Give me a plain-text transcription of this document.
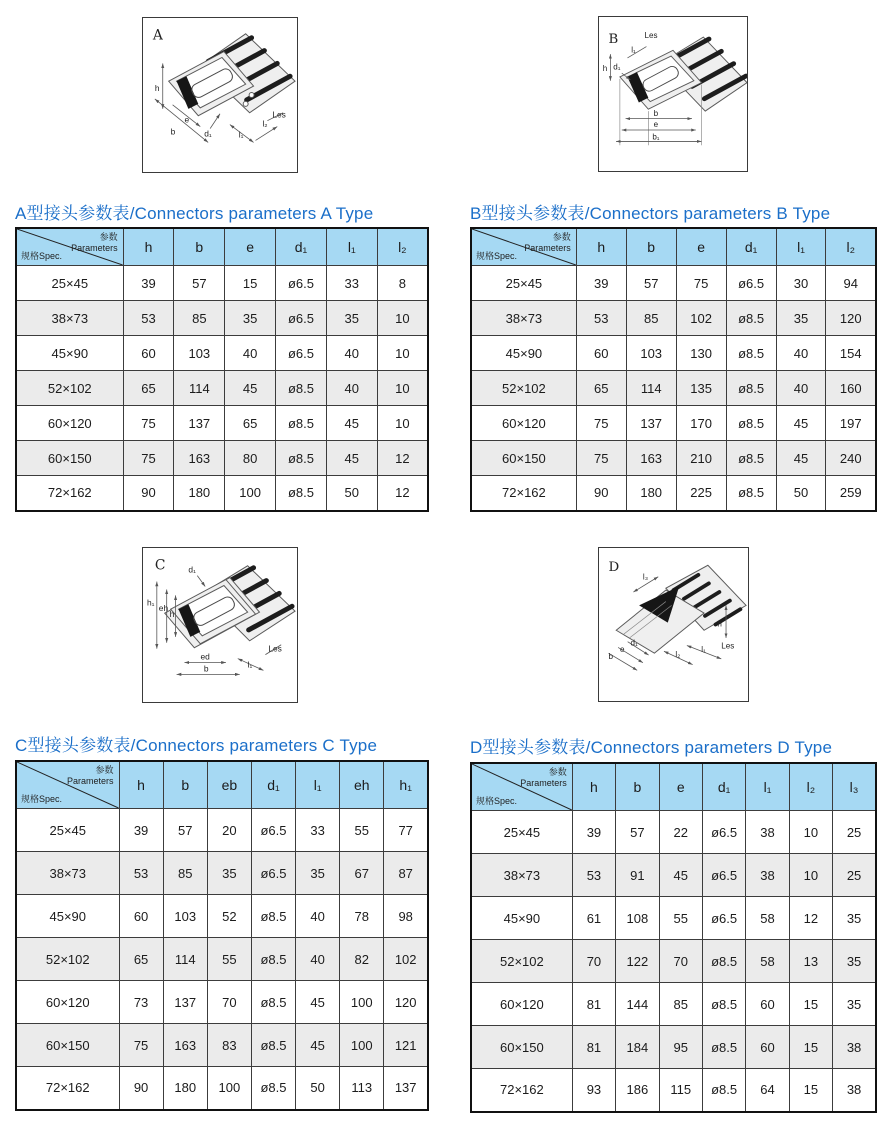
A
h
b
e
d₁	l₁
l₂
Les
B	Les
l₁
h d₁
b
e
b₁
C	d₁
h₁
eh
h
ed
b	l₁
Les
D
l₃
b
e
d₁
l₂
l₁
h
Les
A型接头参数表/Connectors parameters A Type	B型接头参数表/Connectors parameters B Type
C型接头参数表/Connectors parameters C Type	D型接头参数表/Connectors parameters D Type
参数
Parameters
规格Spec.	h	b	e	d₁	l₁	l₂
25×45	39	57	15	ø6.5	33	8
38×73	53	85	35	ø6.5	35	10
45×90	60	103	40	ø6.5	40	10
52×102	65	114	45	ø8.5	40	10
60×120	75	137	65	ø8.5	45	10
60×150	75	163	80	ø8.5	45	12
72×162	90	180	100	ø8.5	50	12
参数
Parameters
规格Spec.	h	b	e	d₁	l₁	l₂
25×45	39	57	75	ø6.5	30	94
38×73	53	85	102	ø8.5	35	120
45×90	60	103	130	ø8.5	40	154
52×102	65	114	135	ø8.5	40	160
60×120	75	137	170	ø8.5	45	197
60×150	75	163	210	ø8.5	45	240
72×162	90	180	225	ø8.5	50	259
参数
Parameters
规格Spec.	h	b	eb	d₁	l₁	eh	h₁
25×45	39	57	20	ø6.5	33	55	77
38×73	53	85	35	ø6.5	35	67	87
45×90	60	103	52	ø8.5	40	78	98
52×102	65	114	55	ø8.5	40	82	102
60×120	73	137	70	ø8.5	45	100	120
60×150	75	163	83	ø8.5	45	100	121
72×162	90	180	100	ø8.5	50	113	137
参数
Parameters
规格Spec.	h	b	e	d₁	l₁	l₂	l₃
25×45	39	57	22	ø6.5	38	10	25
38×73	53	91	45	ø6.5	38	10	25
45×90	61	108	55	ø6.5	58	12	35
52×102	70	122	70	ø8.5	58	13	35
60×120	81	144	85	ø8.5	60	15	35
60×150	81	184	95	ø8.5	60	15	38
72×162	93	186	115	ø8.5	64	15	38
